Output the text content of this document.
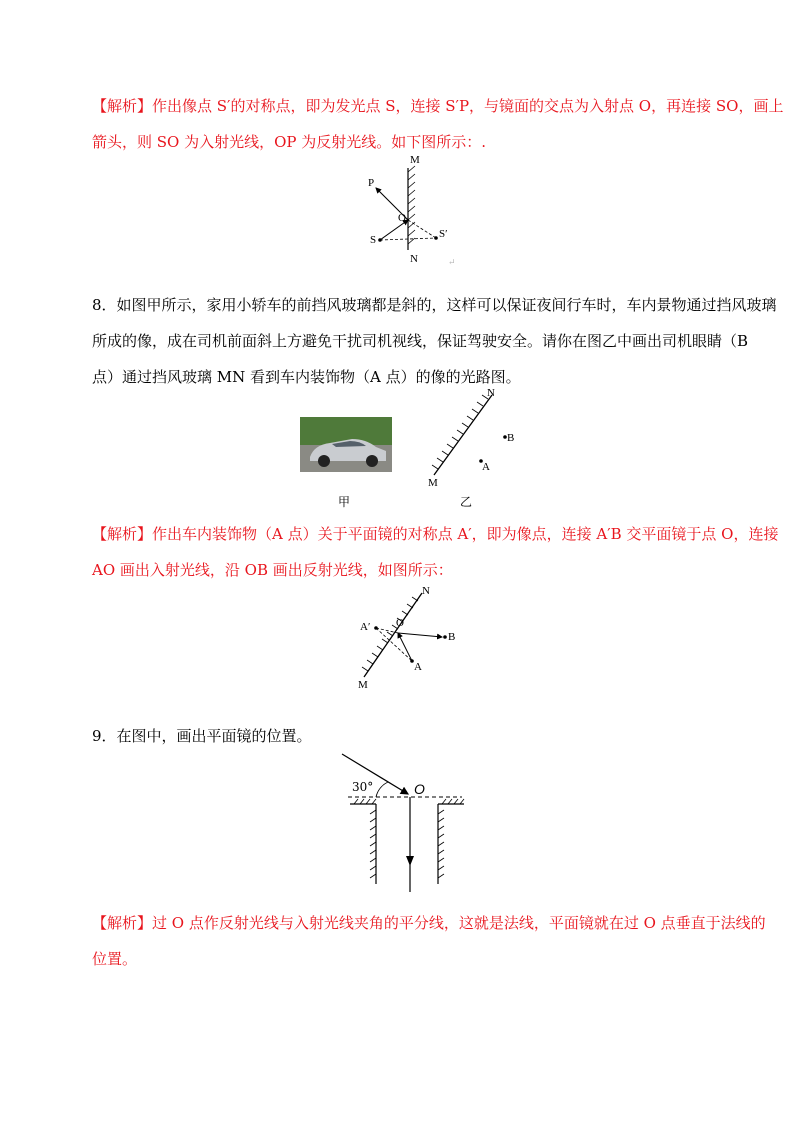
【解析】作出像点 S′的对称点，即为发光点 S，连接 S′P，与镜面的交点为入射点 O，再连接 SO，画上
箭头，则 SO 为入射光线，OP 为反射光线。如下图所示：.
M
P
O
S	S′
N	↵
8．如图甲所示，家用小轿车的前挡风玻璃都是斜的，这样可以保证夜间行车时，车内景物通过挡风玻璃
所成的像，成在司机前面斜上方避免干扰司机视线，保证驾驶安全。请你在图乙中画出司机眼睛（B
点）通过挡风玻璃 MN 看到车内装饰物（A 点）的像的光路图。
甲
N
B
A
M
乙
【解析】作出车内装饰物（A 点）关于平面镜的对称点 A′，即为像点，连接 A′B 交平面镜于点 O，连接
AO 画出入射光线，沿 OB 画出反射光线，如图所示：
N
A′ O
B
A
M
9．在图中，画出平面镜的位置。
30°	O
【解析】过 O 点作反射光线与入射光线夹角的平分线，这就是法线，平面镜就在过 O 点垂直于法线的
位置。
